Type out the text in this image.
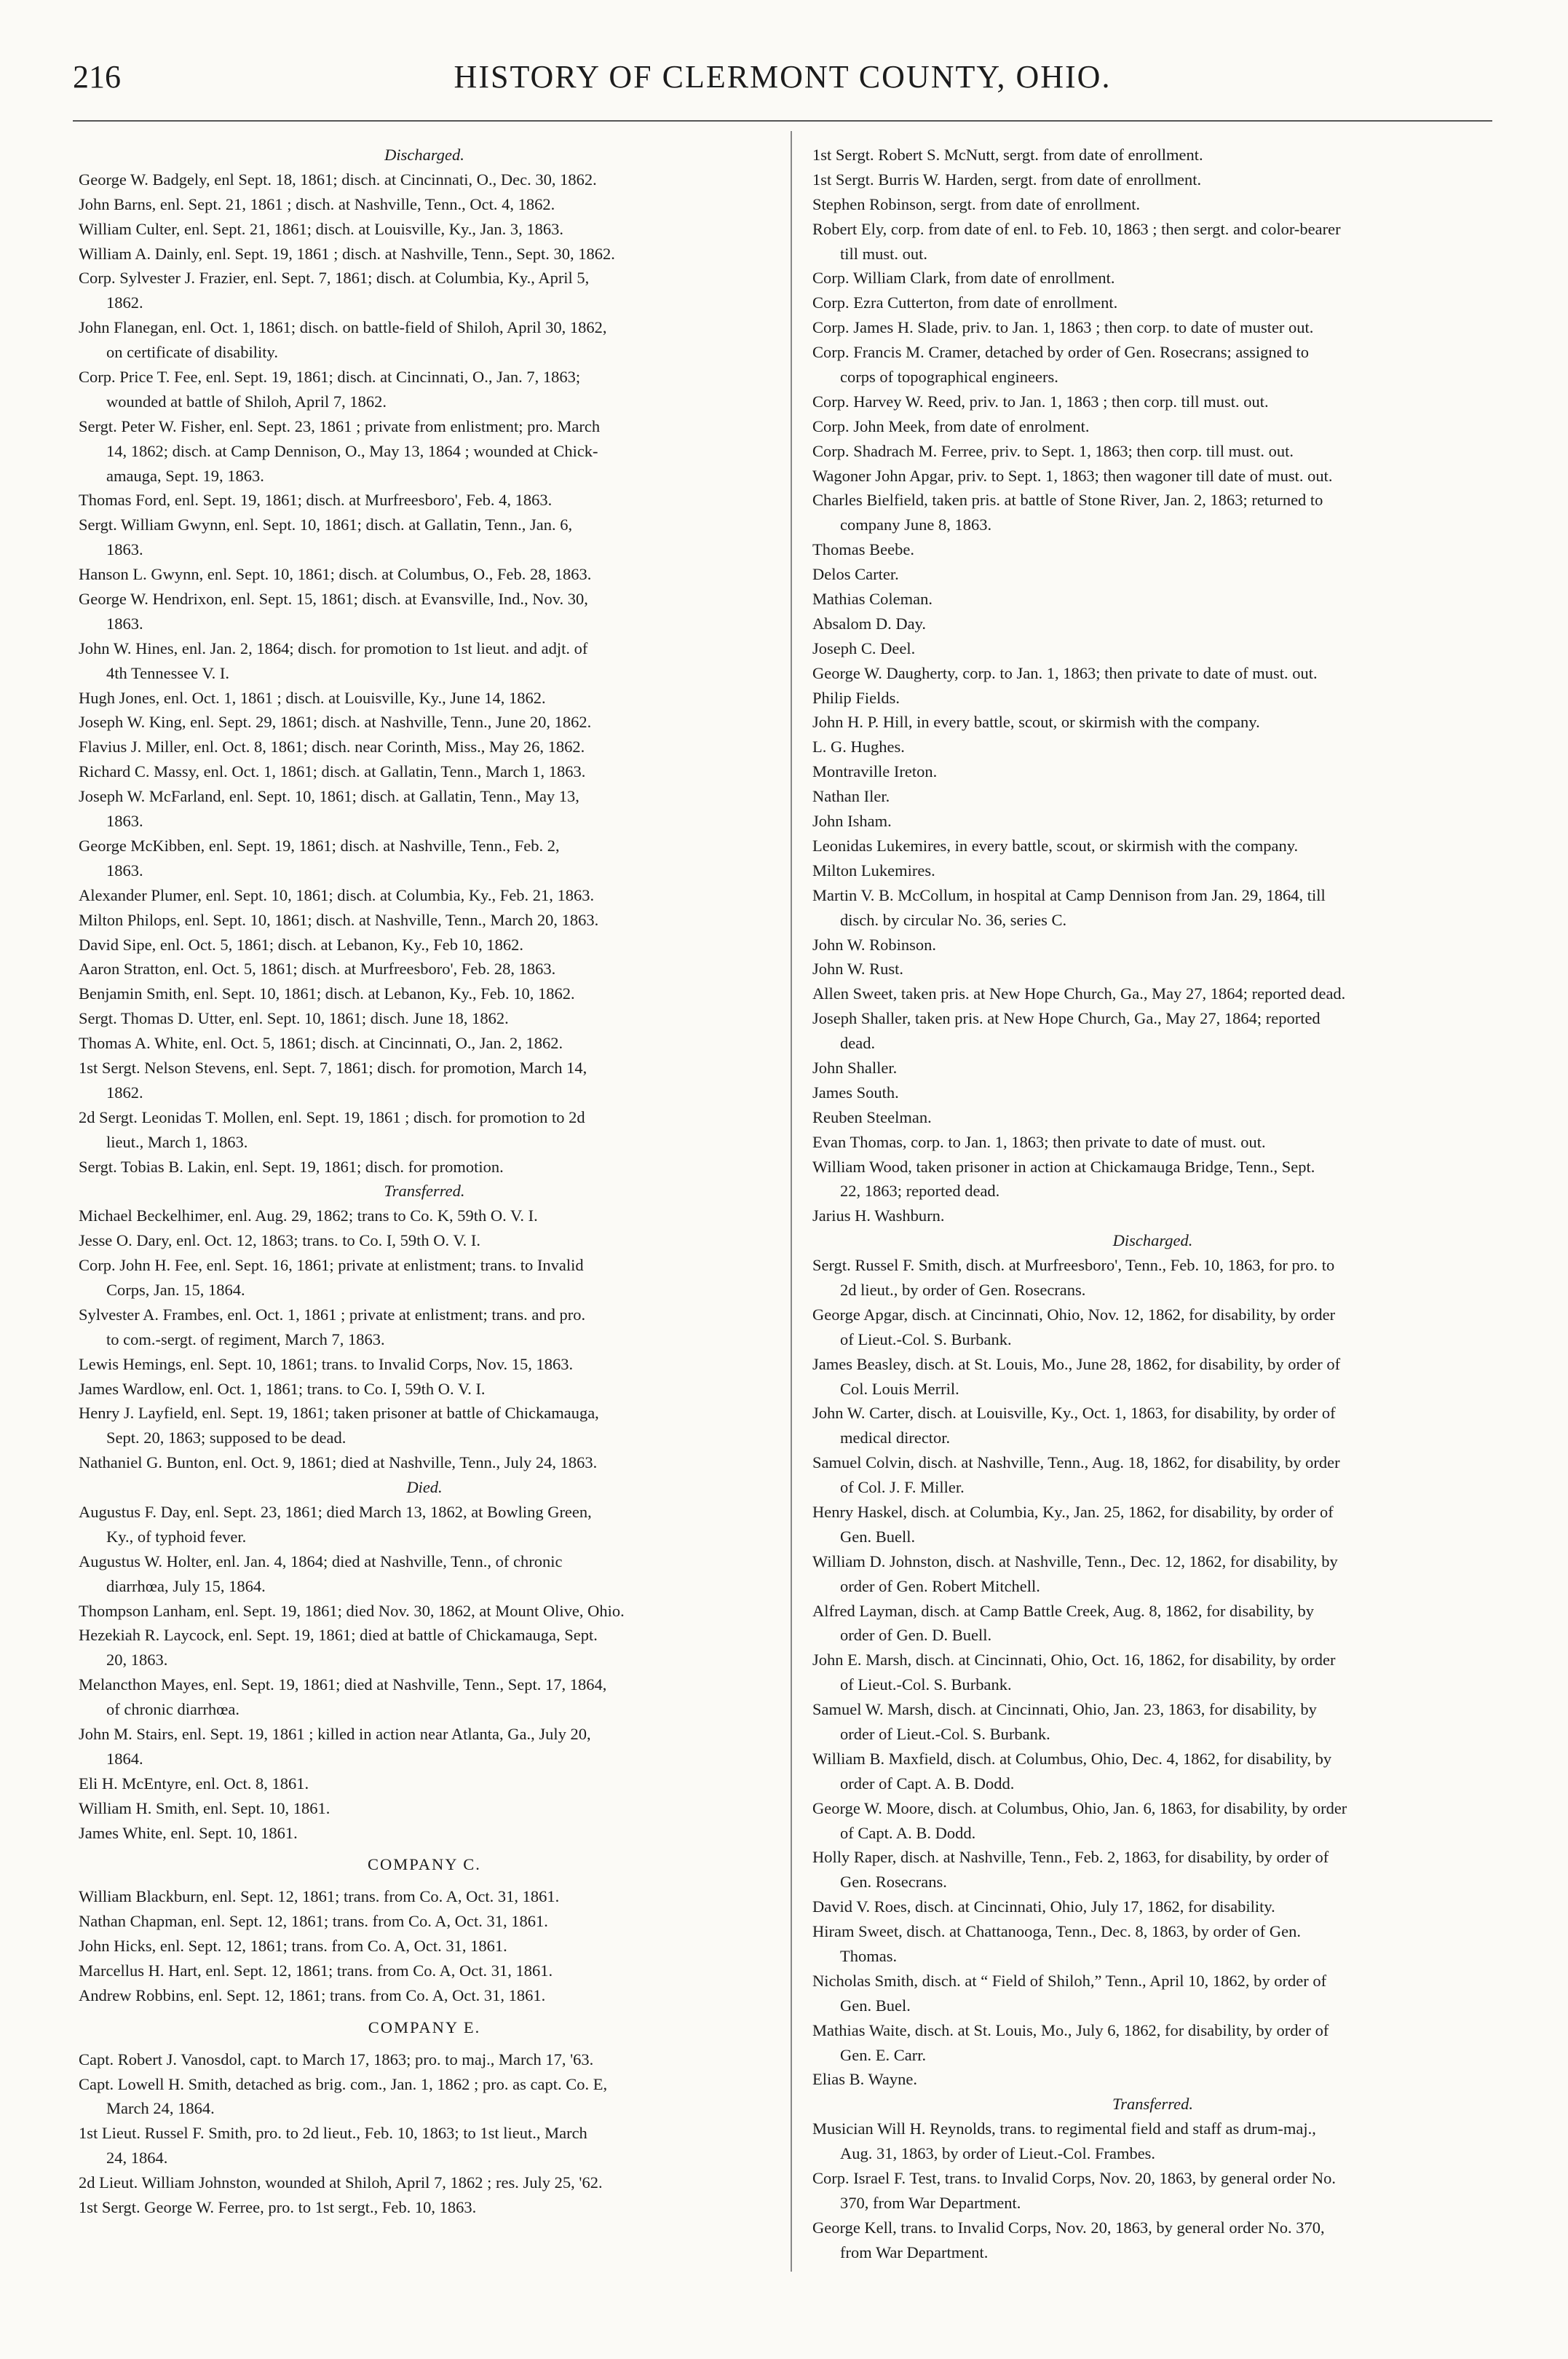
216	HISTORY OF CLERMONT COUNTY, OHIO.
Discharged.
George W. Badgely, enl Sept. 18, 1861; disch. at Cincinnati, O., Dec. 30, 1862.
John Barns, enl. Sept. 21, 1861 ; disch. at Nashville, Tenn., Oct. 4, 1862.
William Culter, enl. Sept. 21, 1861; disch. at Louisville, Ky., Jan. 3, 1863.
William A. Dainly, enl. Sept. 19, 1861 ; disch. at Nashville, Tenn., Sept. 30, 1862.
Corp. Sylvester J. Frazier, enl. Sept. 7, 1861; disch. at Columbia, Ky., April 5,
1862.
John Flanegan, enl. Oct. 1, 1861; disch. on battle-field of Shiloh, April 30, 1862,
on certificate of disability.
Corp. Price T. Fee, enl. Sept. 19, 1861; disch. at Cincinnati, O., Jan. 7, 1863;
wounded at battle of Shiloh, April 7, 1862.
Sergt. Peter W. Fisher, enl. Sept. 23, 1861 ; private from enlistment; pro. March
14, 1862; disch. at Camp Dennison, O., May 13, 1864 ; wounded at Chick-
amauga, Sept. 19, 1863.
Thomas Ford, enl. Sept. 19, 1861; disch. at Murfreesboro', Feb. 4, 1863.
Sergt. William Gwynn, enl. Sept. 10, 1861; disch. at Gallatin, Tenn., Jan. 6,
1863.
Hanson L. Gwynn, enl. Sept. 10, 1861; disch. at Columbus, O., Feb. 28, 1863.
George W. Hendrixon, enl. Sept. 15, 1861; disch. at Evansville, Ind., Nov. 30,
1863.
John W. Hines, enl. Jan. 2, 1864; disch. for promotion to 1st lieut. and adjt. of
4th Tennessee V. I.
Hugh Jones, enl. Oct. 1, 1861 ; disch. at Louisville, Ky., June 14, 1862.
Joseph W. King, enl. Sept. 29, 1861; disch. at Nashville, Tenn., June 20, 1862.
Flavius J. Miller, enl. Oct. 8, 1861; disch. near Corinth, Miss., May 26, 1862.
Richard C. Massy, enl. Oct. 1, 1861; disch. at Gallatin, Tenn., March 1, 1863.
Joseph W. McFarland, enl. Sept. 10, 1861; disch. at Gallatin, Tenn., May 13,
1863.
George McKibben, enl. Sept. 19, 1861; disch. at Nashville, Tenn., Feb. 2,
1863.
Alexander Plumer, enl. Sept. 10, 1861; disch. at Columbia, Ky., Feb. 21, 1863.
Milton Philops, enl. Sept. 10, 1861; disch. at Nashville, Tenn., March 20, 1863.
David Sipe, enl. Oct. 5, 1861; disch. at Lebanon, Ky., Feb 10, 1862.
Aaron Stratton, enl. Oct. 5, 1861; disch. at Murfreesboro', Feb. 28, 1863.
Benjamin Smith, enl. Sept. 10, 1861; disch. at Lebanon, Ky., Feb. 10, 1862.
Sergt. Thomas D. Utter, enl. Sept. 10, 1861; disch. June 18, 1862.
Thomas A. White, enl. Oct. 5, 1861; disch. at Cincinnati, O., Jan. 2, 1862.
1st Sergt. Nelson Stevens, enl. Sept. 7, 1861; disch. for promotion, March 14,
1862.
2d Sergt. Leonidas T. Mollen, enl. Sept. 19, 1861 ; disch. for promotion to 2d
lieut., March 1, 1863.
Sergt. Tobias B. Lakin, enl. Sept. 19, 1861; disch. for promotion.
Transferred.
Michael Beckelhimer, enl. Aug. 29, 1862; trans to Co. K, 59th O. V. I.
Jesse O. Dary, enl. Oct. 12, 1863; trans. to Co. I, 59th O. V. I.
Corp. John H. Fee, enl. Sept. 16, 1861; private at enlistment; trans. to Invalid
Corps, Jan. 15, 1864.
Sylvester A. Frambes, enl. Oct. 1, 1861 ; private at enlistment; trans. and pro.
to com.-sergt. of regiment, March 7, 1863.
Lewis Hemings, enl. Sept. 10, 1861; trans. to Invalid Corps, Nov. 15, 1863.
James Wardlow, enl. Oct. 1, 1861; trans. to Co. I, 59th O. V. I.
Henry J. Layfield, enl. Sept. 19, 1861; taken prisoner at battle of Chickamauga,
Sept. 20, 1863; supposed to be dead.
Nathaniel G. Bunton, enl. Oct. 9, 1861; died at Nashville, Tenn., July 24, 1863.
Died.
Augustus F. Day, enl. Sept. 23, 1861; died March 13, 1862, at Bowling Green,
Ky., of typhoid fever.
Augustus W. Holter, enl. Jan. 4, 1864; died at Nashville, Tenn., of chronic
diarrhœa, July 15, 1864.
Thompson Lanham, enl. Sept. 19, 1861; died Nov. 30, 1862, at Mount Olive, Ohio.
Hezekiah R. Laycock, enl. Sept. 19, 1861; died at battle of Chickamauga, Sept.
20, 1863.
Melancthon Mayes, enl. Sept. 19, 1861; died at Nashville, Tenn., Sept. 17, 1864,
of chronic diarrhœa.
John M. Stairs, enl. Sept. 19, 1861 ; killed in action near Atlanta, Ga., July 20,
1864.
Eli H. McEntyre, enl. Oct. 8, 1861.
William H. Smith, enl. Sept. 10, 1861.
James White, enl. Sept. 10, 1861.
COMPANY C.
William Blackburn, enl. Sept. 12, 1861; trans. from Co. A, Oct. 31, 1861.
Nathan Chapman, enl. Sept. 12, 1861; trans. from Co. A, Oct. 31, 1861.
John Hicks, enl. Sept. 12, 1861; trans. from Co. A, Oct. 31, 1861.
Marcellus H. Hart, enl. Sept. 12, 1861; trans. from Co. A, Oct. 31, 1861.
Andrew Robbins, enl. Sept. 12, 1861; trans. from Co. A, Oct. 31, 1861.
COMPANY E.
Capt. Robert J. Vanosdol, capt. to March 17, 1863; pro. to maj., March 17, '63.
Capt. Lowell H. Smith, detached as brig. com., Jan. 1, 1862 ; pro. as capt. Co. E,
March 24, 1864.
1st Lieut. Russel F. Smith, pro. to 2d lieut., Feb. 10, 1863; to 1st lieut., March
24, 1864.
2d Lieut. William Johnston, wounded at Shiloh, April 7, 1862 ; res. July 25, '62.
1st Sergt. George W. Ferree, pro. to 1st sergt., Feb. 10, 1863.
1st Sergt. Robert S. McNutt, sergt. from date of enrollment.
1st Sergt. Burris W. Harden, sergt. from date of enrollment.
Stephen Robinson, sergt. from date of enrollment.
Robert Ely, corp. from date of enl. to Feb. 10, 1863 ; then sergt. and color-bearer
till must. out.
Corp. William Clark, from date of enrollment.
Corp. Ezra Cutterton, from date of enrollment.
Corp. James H. Slade, priv. to Jan. 1, 1863 ; then corp. to date of muster out.
Corp. Francis M. Cramer, detached by order of Gen. Rosecrans; assigned to
corps of topographical engineers.
Corp. Harvey W. Reed, priv. to Jan. 1, 1863 ; then corp. till must. out.
Corp. John Meek, from date of enrolment.
Corp. Shadrach M. Ferree, priv. to Sept. 1, 1863; then corp. till must. out.
Wagoner John Apgar, priv. to Sept. 1, 1863; then wagoner till date of must. out.
Charles Bielfield, taken pris. at battle of Stone River, Jan. 2, 1863; returned to
company June 8, 1863.
Thomas Beebe.
Delos Carter.
Mathias Coleman.
Absalom D. Day.
Joseph C. Deel.
George W. Daugherty, corp. to Jan. 1, 1863; then private to date of must. out.
Philip Fields.
John H. P. Hill, in every battle, scout, or skirmish with the company.
L. G. Hughes.
Montraville Ireton.
Nathan Iler.
John Isham.
Leonidas Lukemires, in every battle, scout, or skirmish with the company.
Milton Lukemires.
Martin V. B. McCollum, in hospital at Camp Dennison from Jan. 29, 1864, till
disch. by circular No. 36, series C.
John W. Robinson.
John W. Rust.
Allen Sweet, taken pris. at New Hope Church, Ga., May 27, 1864; reported dead.
Joseph Shaller, taken pris. at New Hope Church, Ga., May 27, 1864; reported
dead.
John Shaller.
James South.
Reuben Steelman.
Evan Thomas, corp. to Jan. 1, 1863; then private to date of must. out.
William Wood, taken prisoner in action at Chickamauga Bridge, Tenn., Sept.
22, 1863; reported dead.
Jarius H. Washburn.
Discharged.
Sergt. Russel F. Smith, disch. at Murfreesboro', Tenn., Feb. 10, 1863, for pro. to
2d lieut., by order of Gen. Rosecrans.
George Apgar, disch. at Cincinnati, Ohio, Nov. 12, 1862, for disability, by order
of Lieut.-Col. S. Burbank.
James Beasley, disch. at St. Louis, Mo., June 28, 1862, for disability, by order of
Col. Louis Merril.
John W. Carter, disch. at Louisville, Ky., Oct. 1, 1863, for disability, by order of
medical director.
Samuel Colvin, disch. at Nashville, Tenn., Aug. 18, 1862, for disability, by order
of Col. J. F. Miller.
Henry Haskel, disch. at Columbia, Ky., Jan. 25, 1862, for disability, by order of
Gen. Buell.
William D. Johnston, disch. at Nashville, Tenn., Dec. 12, 1862, for disability, by
order of Gen. Robert Mitchell.
Alfred Layman, disch. at Camp Battle Creek, Aug. 8, 1862, for disability, by
order of Gen. D. Buell.
John E. Marsh, disch. at Cincinnati, Ohio, Oct. 16, 1862, for disability, by order
of Lieut.-Col. S. Burbank.
Samuel W. Marsh, disch. at Cincinnati, Ohio, Jan. 23, 1863, for disability, by
order of Lieut.-Col. S. Burbank.
William B. Maxfield, disch. at Columbus, Ohio, Dec. 4, 1862, for disability, by
order of Capt. A. B. Dodd.
George W. Moore, disch. at Columbus, Ohio, Jan. 6, 1863, for disability, by order
of Capt. A. B. Dodd.
Holly Raper, disch. at Nashville, Tenn., Feb. 2, 1863, for disability, by order of
Gen. Rosecrans.
David V. Roes, disch. at Cincinnati, Ohio, July 17, 1862, for disability.
Hiram Sweet, disch. at Chattanooga, Tenn., Dec. 8, 1863, by order of Gen.
Thomas.
Nicholas Smith, disch. at “ Field of Shiloh,” Tenn., April 10, 1862, by order of
Gen. Buel.
Mathias Waite, disch. at St. Louis, Mo., July 6, 1862, for disability, by order of
Gen. E. Carr.
Elias B. Wayne.
Transferred.
Musician Will H. Reynolds, trans. to regimental field and staff as drum-maj.,
Aug. 31, 1863, by order of Lieut.-Col. Frambes.
Corp. Israel F. Test, trans. to Invalid Corps, Nov. 20, 1863, by general order No.
370, from War Department.
George Kell, trans. to Invalid Corps, Nov. 20, 1863, by general order No. 370,
from War Department.
